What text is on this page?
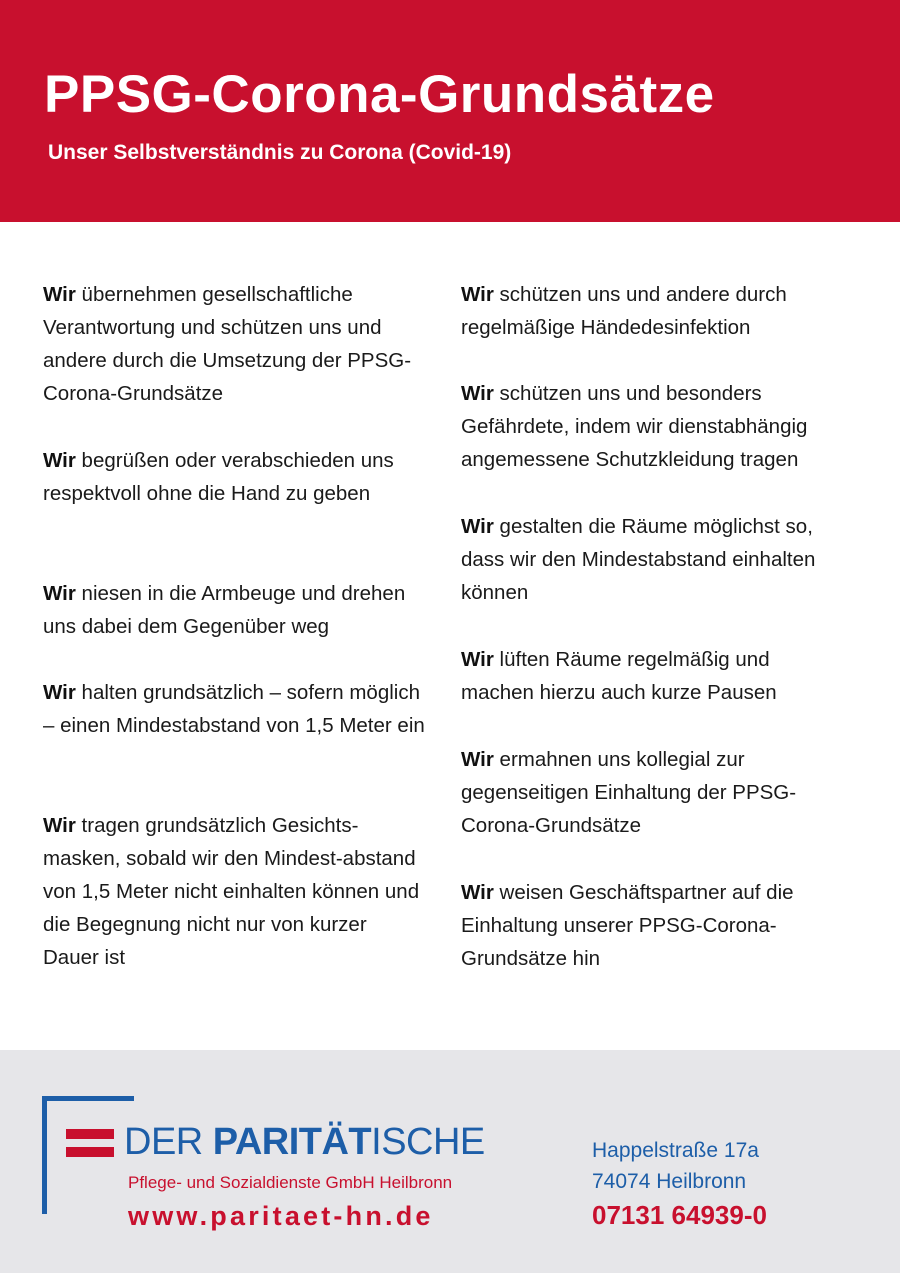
PPSG-Corona-Grundsätze

Unser Selbstverständnis zu Corona (Covid-19)

Wir übernehmen gesellschaftliche Verantwortung und schützen uns und andere durch die Umsetzung der PPSG-Corona-Grundsätze

Wir begrüßen oder verabschieden uns respektvoll ohne die Hand zu geben

Wir niesen in die Armbeuge und drehen uns dabei dem Gegenüber weg

Wir halten grundsätzlich – sofern möglich – einen Mindestabstand von 1,5 Meter ein

Wir tragen grundsätzlich Gesichts-masken, sobald wir den Mindest-abstand von 1,5 Meter nicht einhalten können und die Begegnung nicht nur von kurzer Dauer ist

Wir schützen uns und andere durch regelmäßige Händedesinfektion

Wir schützen uns und besonders Gefährdete, indem wir dienstabhängig angemessene Schutzkleidung tragen

Wir gestalten die Räume möglichst so, dass wir den Mindestabstand einhalten können

Wir lüften Räume regelmäßig und machen hierzu auch kurze Pausen

Wir ermahnen uns kollegial zur gegenseitigen Einhaltung der PPSG-Corona-Grundsätze

Wir weisen Geschäftspartner auf die Einhaltung unserer PPSG-Corona-Grundsätze hin

DER PARITÄTISCHE

Pflege- und Sozialdienste GmbH Heilbronn

www.paritaet-hn.de

Happelstraße 17a

74074 Heilbronn

07131 64939-0
